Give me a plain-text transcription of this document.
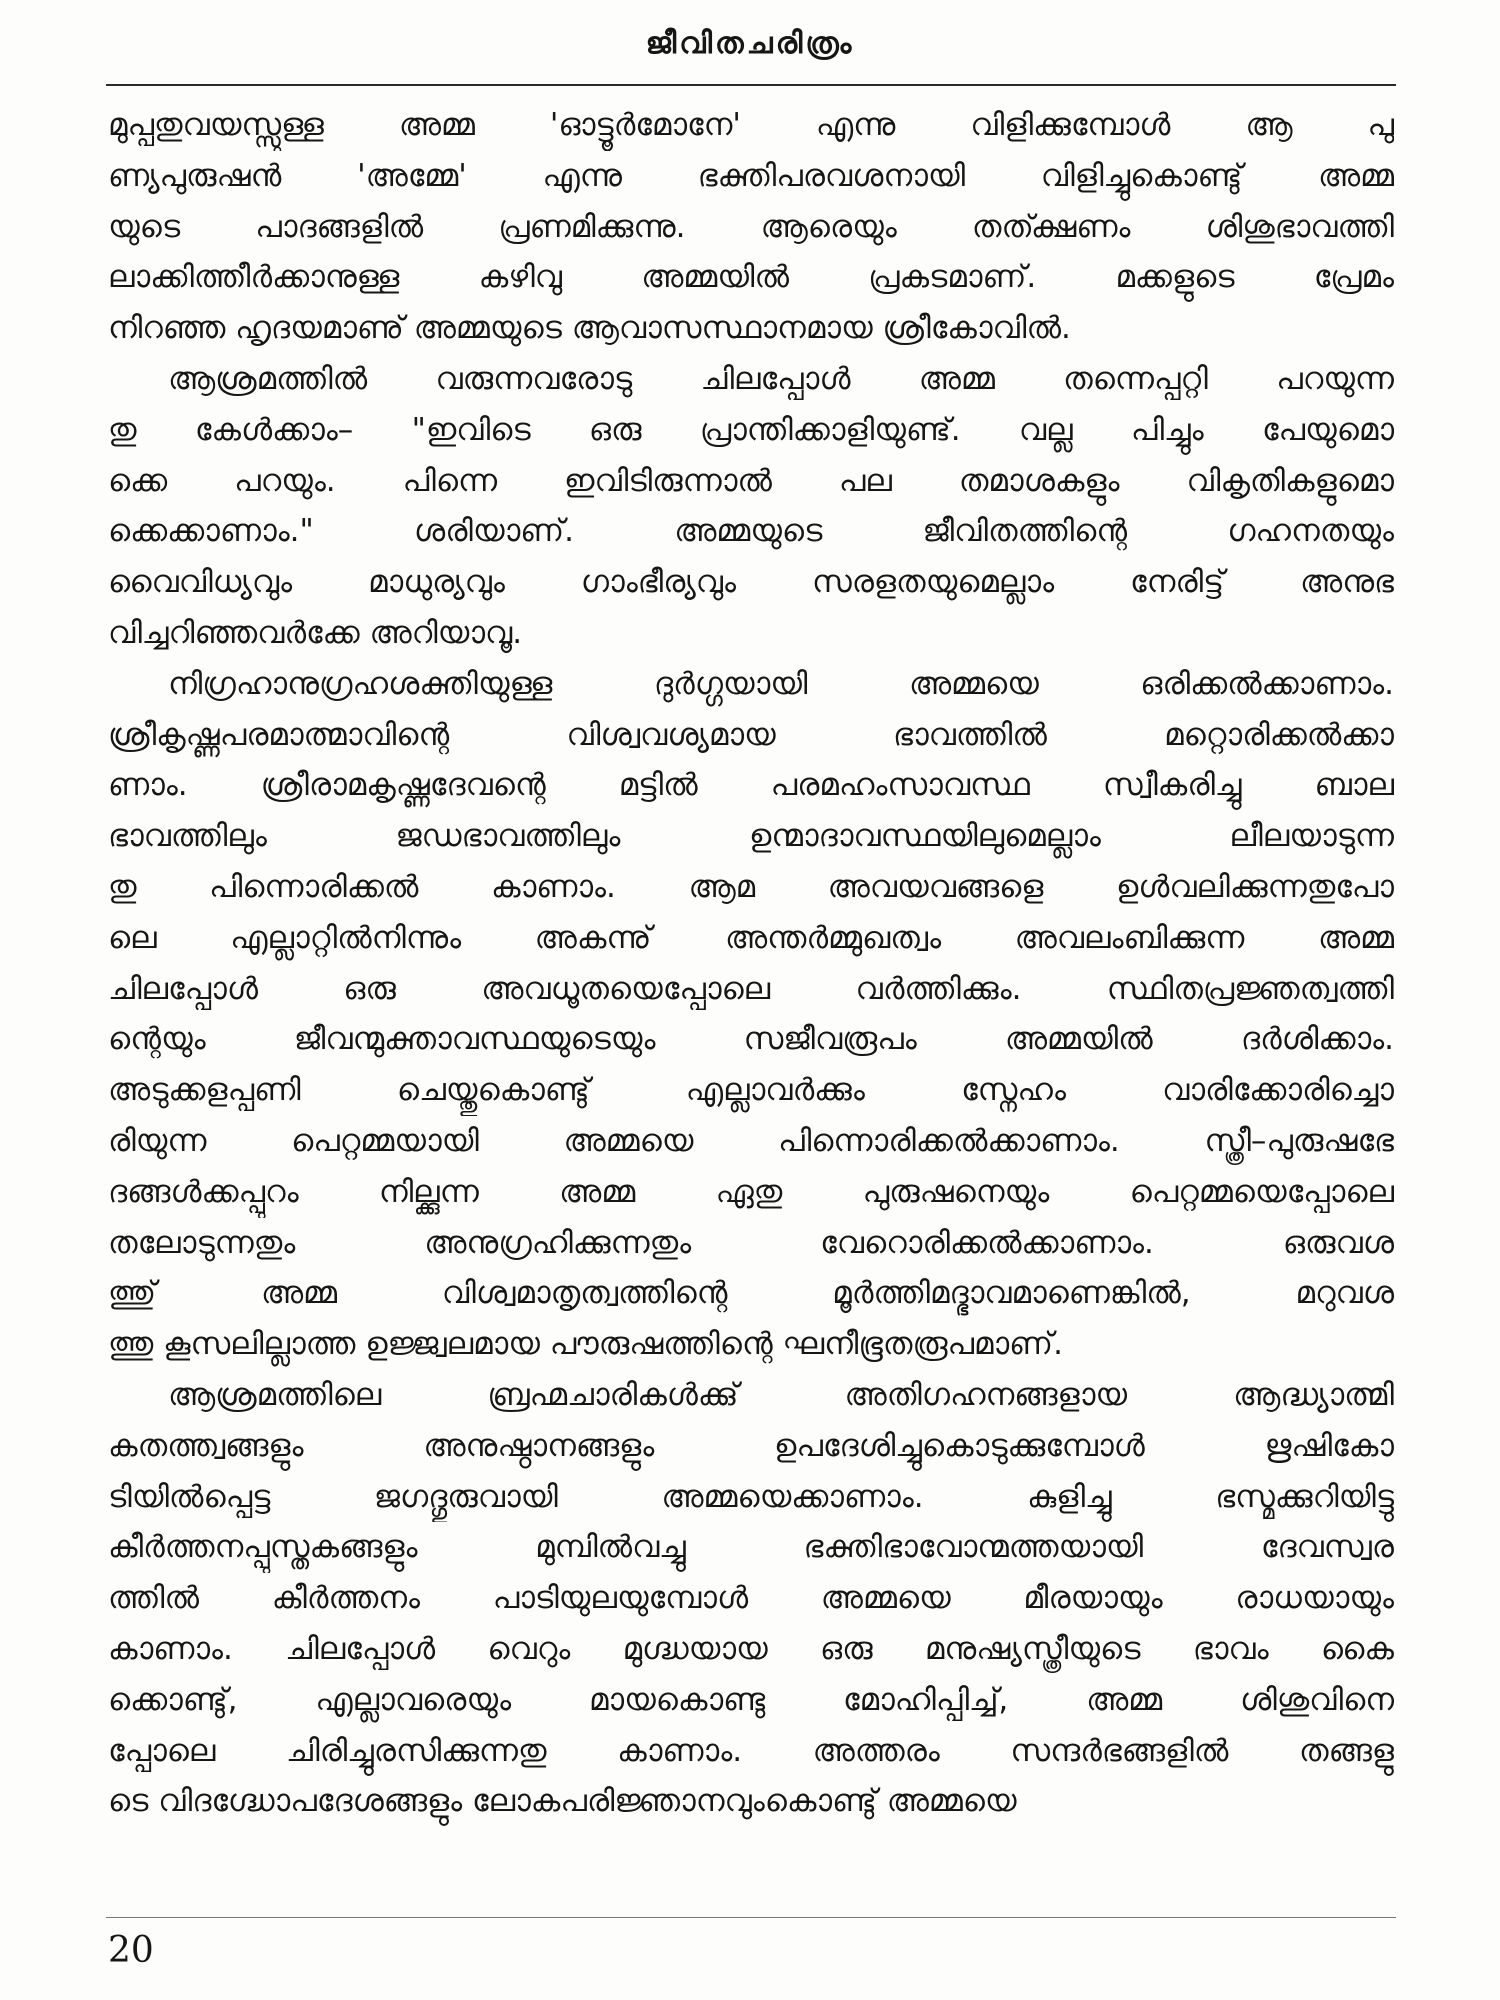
ജീവിതചരിത്രം
മുപ്പതുവയസ്സുള്ള അമ്മ 'ഓട്ടൂർമോനേ' എന്നു വിളിക്കുമ്പോൾ ആ പു
ണ്യപുരുഷൻ 'അമ്മേ' എന്നു ഭക്തിപരവശനായി വിളിച്ചുകൊണ്ടു് അമ്മ
യുടെ പാദങ്ങളിൽ പ്രണമിക്കുന്നു. ആരെയും തത്ക്ഷണം ശിശുഭാവത്തി
ലാക്കിത്തീർക്കാനുള്ള കഴിവു അമ്മയിൽ പ്രകടമാണ്. മക്കളുടെ പ്രേമം
നിറഞ്ഞ ഹൃദയമാണു് അമ്മയുടെ ആവാസസ്ഥാനമായ ശ്രീകോവിൽ.
ആശ്രമത്തിൽ വരുന്നവരോടു ചിലപ്പോൾ അമ്മ തന്നെപ്പറ്റി പറയുന്ന
തു കേൾക്കാം– "ഇവിടെ ഒരു പ്രാന്തിക്കാളിയുണ്ട്. വല്ല പിച്ചും പേയുമൊ
ക്കെ പറയും. പിന്നെ ഇവിടിരുന്നാൽ പല തമാശകളും വികൃതികളുമൊ
ക്കെക്കാണാം." ശരിയാണ്. അമ്മയുടെ ജീവിതത്തിന്റെ ഗഹനതയും
വൈവിധ്യവും മാധുര്യവും ഗാംഭീര്യവും സരളതയുമെല്ലാം നേരിട്ട് അനുഭ
വിച്ചറിഞ്ഞവർക്കേ അറിയാവൂ.
നിഗ്രഹാനുഗ്രഹശക്തിയുള്ള ദുർഗ്ഗയായി അമ്മയെ ഒരിക്കൽക്കാണാം.
ശ്രീകൃഷ്ണപരമാത്മാവിന്റെ വിശ്വവശ്യമായ ഭാവത്തിൽ മറ്റൊരിക്കൽക്കാ
ണാം. ശ്രീരാമകൃഷ്ണദേവന്റെ മട്ടിൽ പരമഹംസാവസ്ഥ സ്വീകരിച്ചു ബാല
ഭാവത്തിലും ജഡഭാവത്തിലും ഉന്മാദാവസ്ഥയിലുമെല്ലാം ലീലയാടുന്ന
തു പിന്നൊരിക്കൽ കാണാം. ആമ അവയവങ്ങളെ ഉൾവലിക്കുന്നതുപോ
ലെ എല്ലാറ്റിൽനിന്നും അകന്നു് അന്തർമ്മുഖത്വം അവലംബിക്കുന്ന അമ്മ
ചിലപ്പോൾ ഒരു അവധൂതയെപ്പോലെ വർത്തിക്കും. സ്ഥിതപ്രജ്ഞത്വത്തി
ന്റെയും ജീവന്മുക്താവസ്ഥയുടെയും സജീവരൂപം അമ്മയിൽ ദർശിക്കാം.
അടുക്കളപ്പണി ചെയ്തുകൊണ്ടു് എല്ലാവർക്കും സ്നേഹം വാരിക്കോരിച്ചൊ
രിയുന്ന പെറ്റമ്മയായി അമ്മയെ പിന്നൊരിക്കൽക്കാണാം. സ്ത്രീ–പുരുഷഭേ
ദങ്ങൾക്കപ്പുറം നില്ക്കുന്ന അമ്മ ഏതു പുരുഷനെയും പെറ്റമ്മയെപ്പോലെ
തലോടുന്നതും അനുഗ്രഹിക്കുന്നതും വേറൊരിക്കൽക്കാണാം. ഒരുവശ
ത്തു് അമ്മ വിശ്വമാതൃത്വത്തിന്റെ മൂർത്തിമദ്ഭാവമാണെങ്കിൽ, മറുവശ
ത്തു കൂസലില്ലാത്ത ഉജ്ജ്വലമായ പൗരുഷത്തിന്റെ ഘനീഭൂതരൂപമാണ്.
ആശ്രമത്തിലെ ബ്രഹ്മചാരികൾക്കു് അതിഗഹനങ്ങളായ ആദ്ധ്യാത്മി
കതത്ത്വങ്ങളും അനുഷ്ഠാനങ്ങളും ഉപദേശിച്ചുകൊടുക്കുമ്പോൾ ഋഷികോ
ടിയിൽപ്പെട്ട ജഗദ്ഗുരുവായി അമ്മയെക്കാണാം. കുളിച്ചു ഭസ്മക്കുറിയിട്ടു
കീർത്തനപ്പുസ്തകങ്ങളും മുമ്പിൽവച്ചു ഭക്തിഭാവോന്മത്തയായി ദേവസ്വര
ത്തിൽ കീർത്തനം പാടിയുലയുമ്പോൾ അമ്മയെ മീരയായും രാധയായും
കാണാം. ചിലപ്പോൾ വെറും മുഗ്ദ്ധയായ ഒരു മനുഷ്യസ്ത്രീയുടെ ഭാവം കൈ
ക്കൊണ്ടു്, എല്ലാവരെയും മായകൊണ്ടു മോഹിപ്പിച്ച്, അമ്മ ശിശുവിനെ
പ്പോലെ ചിരിച്ചുരസിക്കുന്നതു കാണാം. അത്തരം സന്ദർഭങ്ങളിൽ തങ്ങളു
ടെ വിദഗ്ദ്ധോപദേശങ്ങളും ലോകപരിജ്ഞാനവുംകൊണ്ടു് അമ്മയെ
20
